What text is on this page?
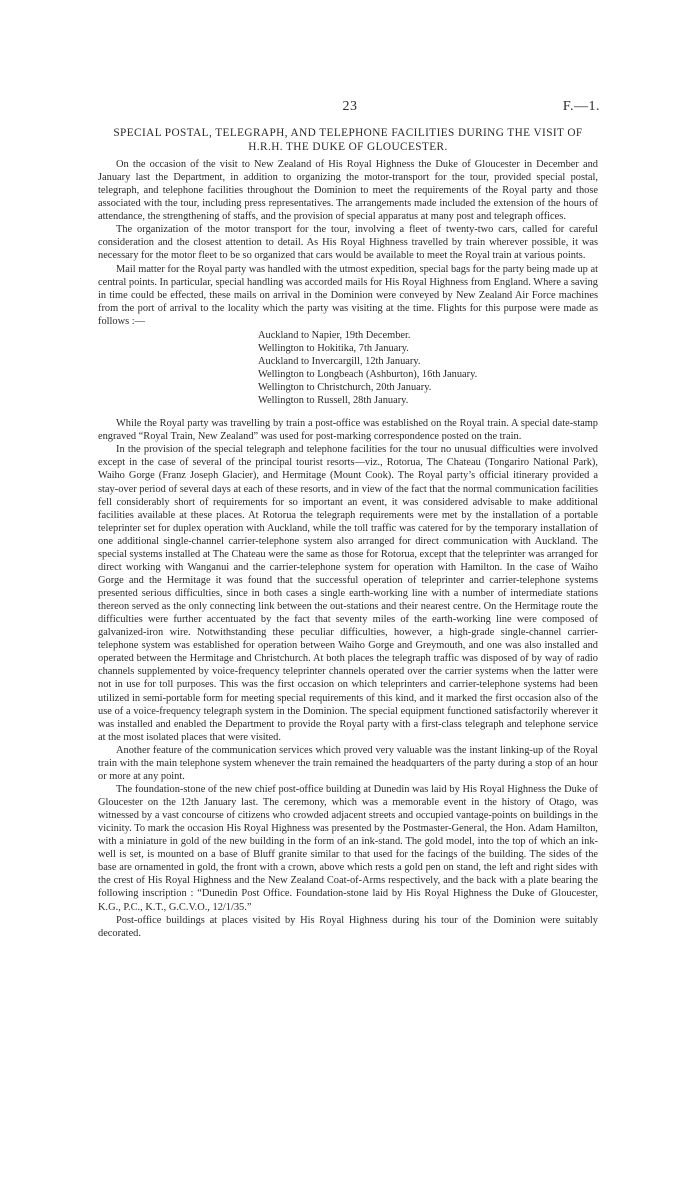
23	F.—1.
SPECIAL POSTAL, TELEGRAPH, AND TELEPHONE FACILITIES DURING THE VISIT OF
H.R.H. THE DUKE OF GLOUCESTER.

On the occasion of the visit to New Zealand of His Royal Highness the Duke of Gloucester in December and January last the Department, in addition to organizing the motor-transport for the tour, provided special postal, telegraph, and telephone facilities throughout the Dominion to meet the requirements of the Royal party and those associated with the tour, including press representatives. The arrangements made included the extension of the hours of attendance, the strengthening of staffs, and the provision of special apparatus at many post and telegraph offices.

The organization of the motor transport for the tour, involving a fleet of twenty-two cars, called for careful consideration and the closest attention to detail. As His Royal Highness travelled by train wherever possible, it was necessary for the motor fleet to be so organized that cars would be available to meet the Royal train at various points.

Mail matter for the Royal party was handled with the utmost expedition, special bags for the party being made up at central points. In particular, special handling was accorded mails for His Royal Highness from England. Where a saving in time could be effected, these mails on arrival in the Dominion were conveyed by New Zealand Air Force machines from the port of arrival to the locality which the party was visiting at the time. Flights for this purpose were made as follows :—

Auckland to Napier, 19th December.
Wellington to Hokitika, 7th January.
Auckland to Invercargill, 12th January.
Wellington to Longbeach (Ashburton), 16th January.
Wellington to Christchurch, 20th January.
Wellington to Russell, 28th January.

While the Royal party was travelling by train a post-office was established on the Royal train. A special date-stamp engraved “Royal Train, New Zealand” was used for post-marking correspondence posted on the train.

In the provision of the special telegraph and telephone facilities for the tour no unusual difficulties were involved except in the case of several of the principal tourist resorts—viz., Rotorua, The Chateau (Tongariro National Park), Waiho Gorge (Franz Joseph Glacier), and Hermitage (Mount Cook). The Royal party’s official itinerary provided a stay-over period of several days at each of these resorts, and in view of the fact that the normal communication facilities fell considerably short of requirements for so important an event, it was considered advisable to make additional facilities available at these places. At Rotorua the telegraph requirements were met by the installation of a portable teleprinter set for duplex operation with Auckland, while the toll traffic was catered for by the temporary installation of one additional single-channel carrier-telephone system also arranged for direct communication with Auckland. The special systems installed at The Chateau were the same as those for Rotorua, except that the teleprinter was arranged for direct working with Wanganui and the carrier-telephone system for operation with Hamilton. In the case of Waiho Gorge and the Hermitage it was found that the successful operation of teleprinter and carrier-telephone systems presented serious difficulties, since in both cases a single earth-working line with a number of intermediate stations thereon served as the only connecting link between the out-stations and their nearest centre. On the Hermitage route the difficulties were further accentuated by the fact that seventy miles of the earth-working line were composed of galvanized-iron wire. Notwithstanding these peculiar difficulties, however, a high-grade single-channel carrier-telephone system was established for operation between Waiho Gorge and Greymouth, and one was also installed and operated between the Hermitage and Christchurch. At both places the telegraph traffic was disposed of by way of radio channels supplemented by voice-frequency teleprinter channels operated over the carrier systems when the latter were not in use for toll purposes. This was the first occasion on which teleprinters and carrier-telephone systems had been utilized in semi-portable form for meeting special requirements of this kind, and it marked the first occasion also of the use of a voice-frequency telegraph system in the Dominion. The special equipment functioned satisfactorily wherever it was installed and enabled the Department to provide the Royal party with a first-class telegraph and telephone service at the most isolated places that were visited.

Another feature of the communication services which proved very valuable was the instant linking-up of the Royal train with the main telephone system whenever the train remained the headquarters of the party during a stop of an hour or more at any point.

The foundation-stone of the new chief post-office building at Dunedin was laid by His Royal Highness the Duke of Gloucester on the 12th January last. The ceremony, which was a memorable event in the history of Otago, was witnessed by a vast concourse of citizens who crowded adjacent streets and occupied vantage-points on buildings in the vicinity. To mark the occasion His Royal Highness was presented by the Postmaster-General, the Hon. Adam Hamilton, with a miniature in gold of the new building in the form of an ink-stand. The gold model, into the top of which an ink-well is set, is mounted on a base of Bluff granite similar to that used for the facings of the building. The sides of the base are ornamented in gold, the front with a crown, above which rests a gold pen on stand, the left and right sides with the crest of His Royal Highness and the New Zealand Coat-of-Arms respectively, and the back with a plate bearing the following inscription : “Dunedin Post Office. Foundation-stone laid by His Royal Highness the Duke of Gloucester, K.G., P.C., K.T., G.C.V.O., 12/1/35.”

Post-office buildings at places visited by His Royal Highness during his tour of the Dominion were suitably decorated.
